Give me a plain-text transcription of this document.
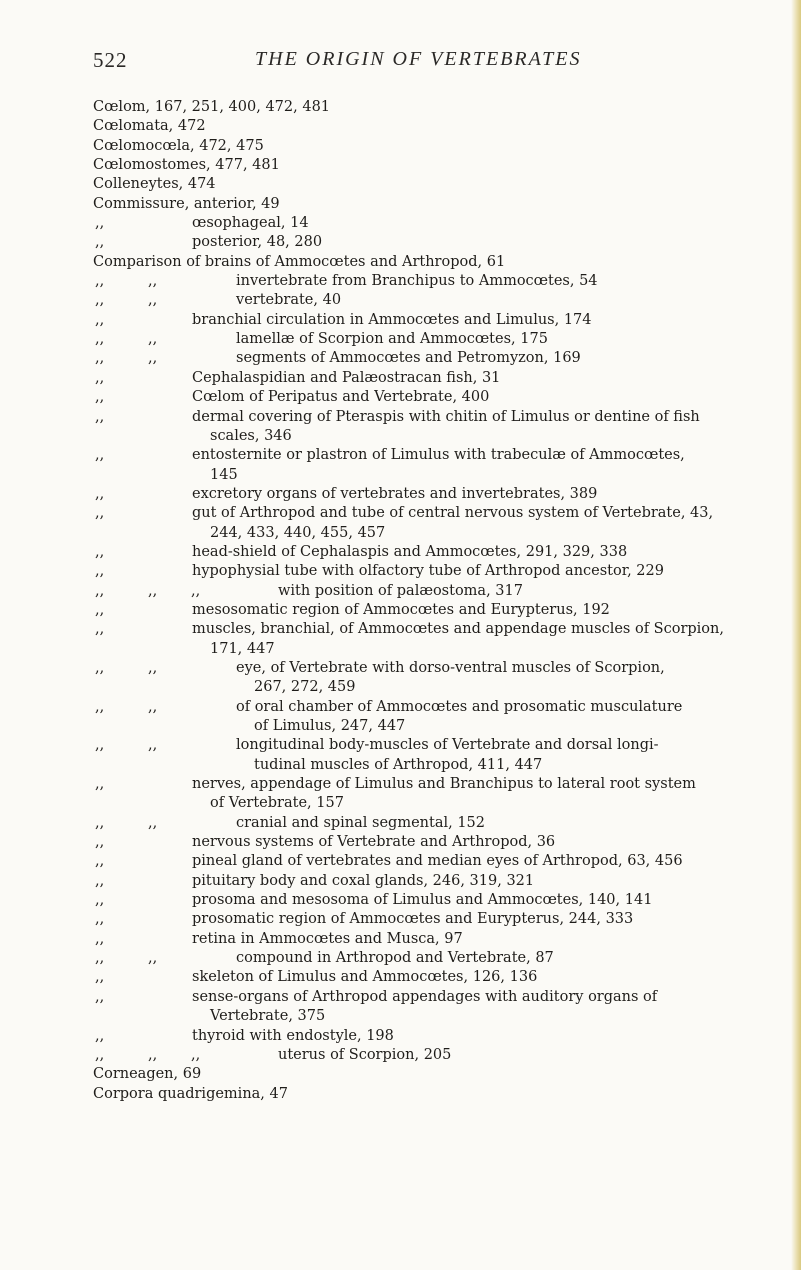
522	THE ORIGIN OF VERTEBRATES
Cœlom, 167, 251, 400, 472, 481
Cœlomata, 472
Cœlomocœla, 472, 475
Cœlomostomes, 477, 481
Colleneytes, 474
Commissure, anterior, 49
,,	œsophageal, 14
,,	posterior, 48, 280
Comparison of brains of Ammocœtes and Arthropod, 61
,,	,,	invertebrate from Branchipus to Ammocœtes, 54
,,	,,	vertebrate, 40
,,	branchial circulation in Ammocœtes and Limulus, 174
,,	,,	lamellæ of Scorpion and Ammocœtes, 175
,,	,,	segments of Ammocœtes and Petromyzon, 169
,,	Cephalaspidian and Palæostracan fish, 31
,,	Cœlom of Peripatus and Vertebrate, 400
,,	dermal covering of Pteraspis with chitin of Limulus or dentine of fish
scales, 346
,,	entosternite or plastron of Limulus with trabeculæ of Ammocœtes,
145
,,	excretory organs of vertebrates and invertebrates, 389
,,	gut of Arthropod and tube of central nervous system of Vertebrate, 43,
244, 433, 440, 455, 457
,,	head-shield of Cephalaspis and Ammocœtes, 291, 329, 338
,,	hypophysial tube with olfactory tube of Arthropod ancestor, 229
,,	,, ,,	with position of palæostoma, 317
,,	mesosomatic region of Ammocœtes and Eurypterus, 192
,,	muscles, branchial, of Ammocœtes and appendage muscles of Scorpion,
171, 447
,,	,,	eye, of Vertebrate with dorso-ventral muscles of Scorpion,
267, 272, 459
,,	,,	of oral chamber of Ammocœtes and prosomatic musculature
of Limulus, 247, 447
,,	,,	longitudinal body-muscles of Vertebrate and dorsal longi-
tudinal muscles of Arthropod, 411, 447
,,	nerves, appendage of Limulus and Branchipus to lateral root system
of Vertebrate, 157
,,	,,	cranial and spinal segmental, 152
,,	nervous systems of Vertebrate and Arthropod, 36
,,	pineal gland of vertebrates and median eyes of Arthropod, 63, 456
,,	pituitary body and coxal glands, 246, 319, 321
,,	prosoma and mesosoma of Limulus and Ammocœtes, 140, 141
,,	prosomatic region of Ammocœtes and Eurypterus, 244, 333
,,	retina in Ammocœtes and Musca, 97
,,	,,	compound in Arthropod and Vertebrate, 87
,,	skeleton of Limulus and Ammocœtes, 126, 136
,,	sense-organs of Arthropod appendages with auditory organs of
Vertebrate, 375
,,	thyroid with endostyle, 198
,,	,, ,,	uterus of Scorpion, 205
Corneagen, 69
Corpora quadrigemina, 47
